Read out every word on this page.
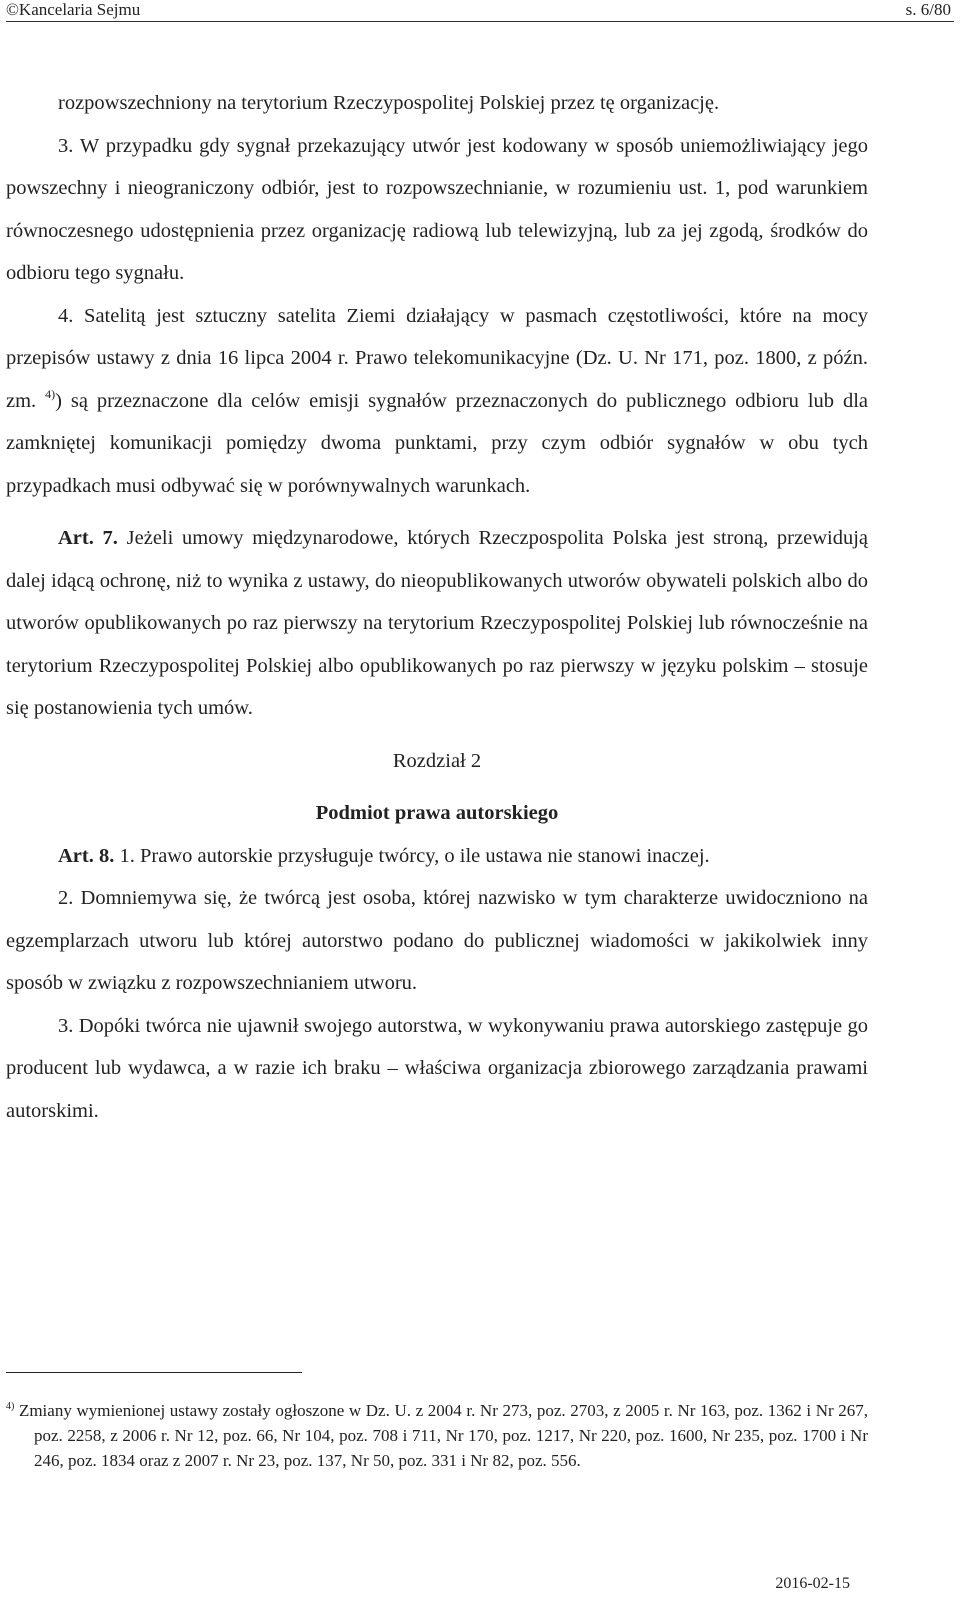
©Kancelaria Sejmu	s. 6/80

rozpowszechniony na terytorium Rzeczypospolitej Polskiej przez tę organizację.

3. W przypadku gdy sygnał przekazujący utwór jest kodowany w sposób uniemożliwiający jego powszechny i nieograniczony odbiór, jest to rozpowszechnianie, w rozumieniu ust. 1, pod warunkiem równoczesnego udostępnienia przez organizację radiową lub telewizyjną, lub za jej zgodą, środków do odbioru tego sygnału.

4. Satelitą jest sztuczny satelita Ziemi działający w pasmach częstotliwości, które na mocy przepisów ustawy z dnia 16 lipca 2004 r. Prawo telekomunikacyjne (Dz. U. Nr 171, poz. 1800, z późn. zm. $^{4)}$) są przeznaczone dla celów emisji sygnałów przeznaczonych do publicznego odbioru lub dla zamkniętej komunikacji pomiędzy dwoma punktami, przy czym odbiór sygnałów w obu tych przypadkach musi odbywać się w porównywalnych warunkach.

Art. 7. Jeżeli umowy międzynarodowe, których Rzeczpospolita Polska jest stroną, przewidują dalej idącą ochronę, niż to wynika z ustawy, do nieopublikowanych utworów obywateli polskich albo do utworów opublikowanych po raz pierwszy na terytorium Rzeczypospolitej Polskiej lub równocześnie na terytorium Rzeczypospolitej Polskiej albo opublikowanych po raz pierwszy w języku polskim – stosuje się postanowienia tych umów.

Rozdział 2

Podmiot prawa autorskiego

Art. 8. 1. Prawo autorskie przysługuje twórcy, o ile ustawa nie stanowi inaczej.

2. Domniemywa się, że twórcą jest osoba, której nazwisko w tym charakterze uwidoczniono na egzemplarzach utworu lub której autorstwo podano do publicznej wiadomości w jakikolwiek inny sposób w związku z rozpowszechnianiem utworu.

3. Dopóki twórca nie ujawnił swojego autorstwa, w wykonywaniu prawa autorskiego zastępuje go producent lub wydawca, a w razie ich braku – właściwa organizacja zbiorowego zarządzania prawami autorskimi.

$^{4)}$ Zmiany wymienionej ustawy zostały ogłoszone w Dz. U. z 2004 r. Nr 273, poz. 2703, z 2005 r. Nr 163, poz. 1362 i Nr 267, poz. 2258, z 2006 r. Nr 12, poz. 66, Nr 104, poz. 708 i 711, Nr 170, poz. 1217, Nr 220, poz. 1600, Nr 235, poz. 1700 i Nr 246, poz. 1834 oraz z 2007 r. Nr 23, poz. 137, Nr 50, poz. 331 i Nr 82, poz. 556.
2016-02-15
